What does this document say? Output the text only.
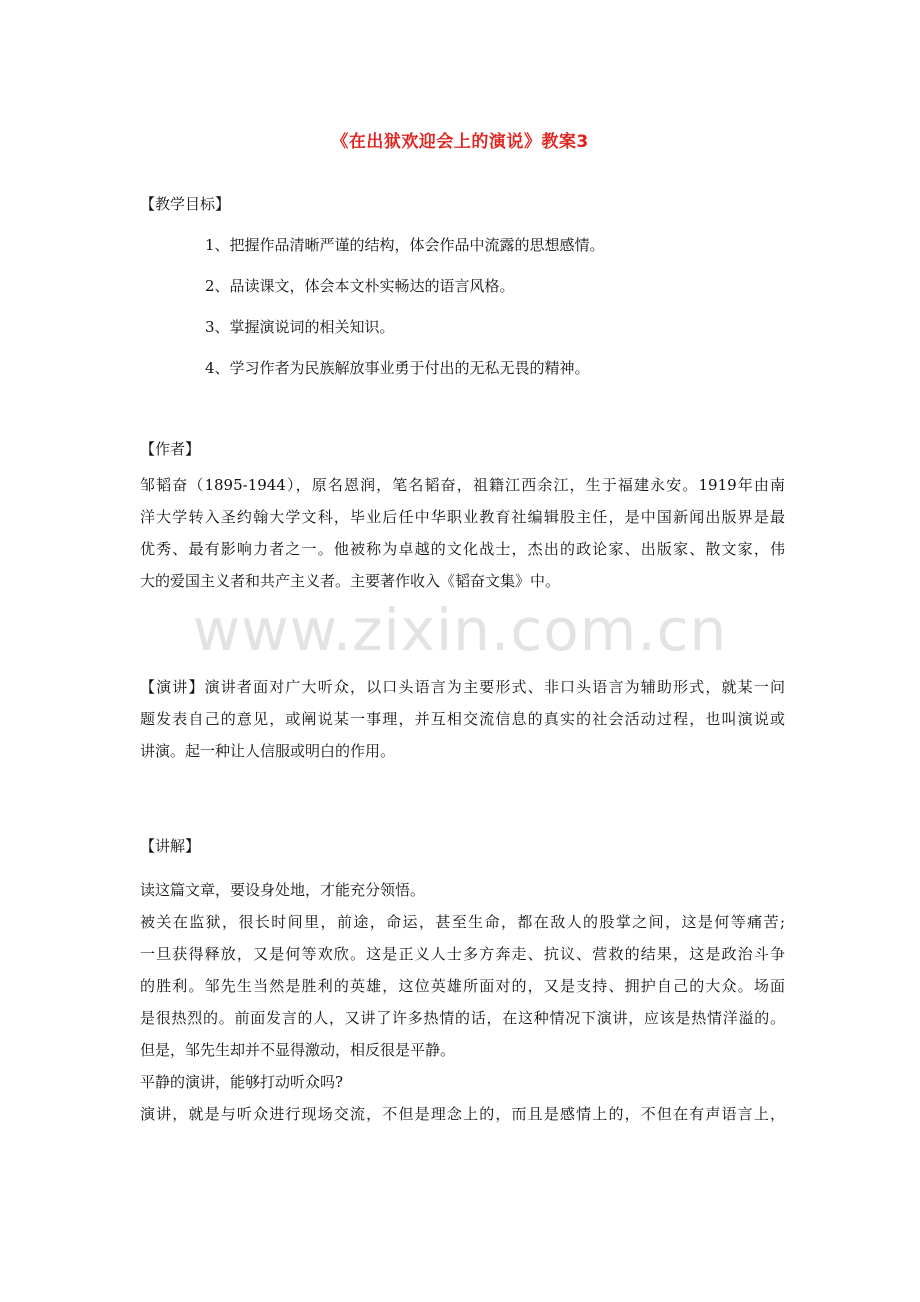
《在出狱欢迎会上的演说》教案3
【教学目标】
1、把握作品清晰严谨的结构，体会作品中流露的思想感情。
2、品读课文，体会本文朴实畅达的语言风格。
3、掌握演说词的相关知识。
4、学习作者为民族解放事业勇于付出的无私无畏的精神。
【作者】

邹韬奋（1895-1944），原名恩润，笔名韬奋，祖籍江西余江，生于福建永安。1919年由南

洋大学转入圣约翰大学文科，毕业后任中华职业教育社编辑股主任，是中国新闻出版界是最

优秀、最有影响力者之一。他被称为卓越的文化战士，杰出的政论家、出版家、散文家，伟

大的爱国主义者和共产主义者。主要著作收入《韬奋文集》中。

www.zixin.com.cn

【演讲】演讲者面对广大听众，以口头语言为主要形式、非口头语言为辅助形式，就某一问

题发表自己的意见，或阐说某一事理，并互相交流信息的真实的社会活动过程，也叫演说或

讲演。起一种让人信服或明白的作用。

【讲解】

读这篇文章，要设身处地，才能充分领悟。

被关在监狱，很长时间里，前途，命运，甚至生命，都在敌人的股掌之间，这是何等痛苦;

一旦获得释放，又是何等欢欣。这是正义人士多方奔走、抗议、营救的结果，这是政治斗争

的胜利。邹先生当然是胜利的英雄，这位英雄所面对的，又是支持、拥护自己的大众。场面

是很热烈的。前面发言的人，又讲了许多热情的话，在这种情况下演讲，应该是热情洋溢的。

但是，邹先生却并不显得激动，相反很是平静。

平静的演讲，能够打动听众吗?

演讲，就是与听众进行现场交流，不但是理念上的，而且是感情上的，不但在有声语言上，
